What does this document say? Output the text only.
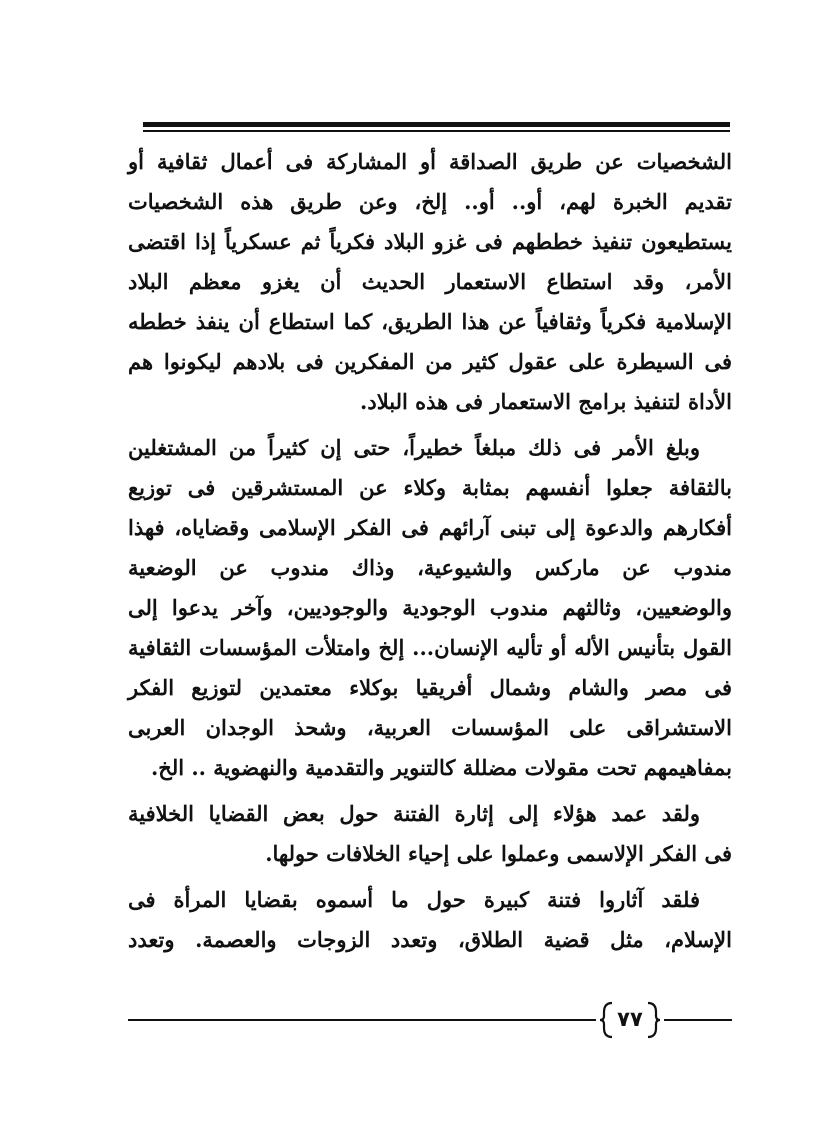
الشخصيات عن طريق الصداقة أو المشاركة فى أعمال ثقافية أو
تقديم الخبرة لهم، أو.. أو.. إلخ، وعن طريق هذه الشخصيات
يستطيعون تنفيذ خططهم فى غزو البلاد فكرياً ثم عسكرياً إذا اقتضى
الأمر، وقد استطاع الاستعمار الحديث أن يغزو معظم البلاد
الإسلامية فكرياً وثقافياً عن هذا الطريق، كما استطاع أن ينفذ خططه
فى السيطرة على عقول كثير من المفكرين فى بلادهم ليكونوا هم
الأداة لتنفيذ برامج الاستعمار فى هذه البلاد.

وبلغ الأمر فى ذلك مبلغاً خطيراً، حتى إن كثيراً من المشتغلين
بالثقافة جعلوا أنفسهم بمثابة وكلاء عن المستشرقين فى توزيع
أفكارهم والدعوة إلى تبنى آرائهم فى الفكر الإسلامى وقضاياه، فهذا
مندوب عن ماركس والشيوعية، وذاك مندوب عن الوضعية
والوضعيين، وثالثهم مندوب الوجودية والوجوديين، وآخر يدعوا إلى
القول بتأنيس الأله أو تأليه الإنسان... إلخ وامتلأت المؤسسات الثقافية
فى مصر والشام وشمال أفريقيا بوكلاء معتمدين لتوزيع الفكر
الاستشراقى على المؤسسات العربية، وشحذ الوجدان العربى
بمفاهيمهم تحت مقولات مضللة كالتنوير والتقدمية والنهضوية .. الخ.

ولقد عمد هؤلاء إلى إثارة الفتنة حول بعض القضايا الخلافية
فى الفكر الإلاسمى وعملوا على إحياء الخلافات حولها.

فلقد آثاروا فتنة كبيرة حول ما أسموه بقضايا المرأة فى
الإسلام، مثل قضية الطلاق، وتعدد الزوجات والعصمة. وتعدد

٧٧
